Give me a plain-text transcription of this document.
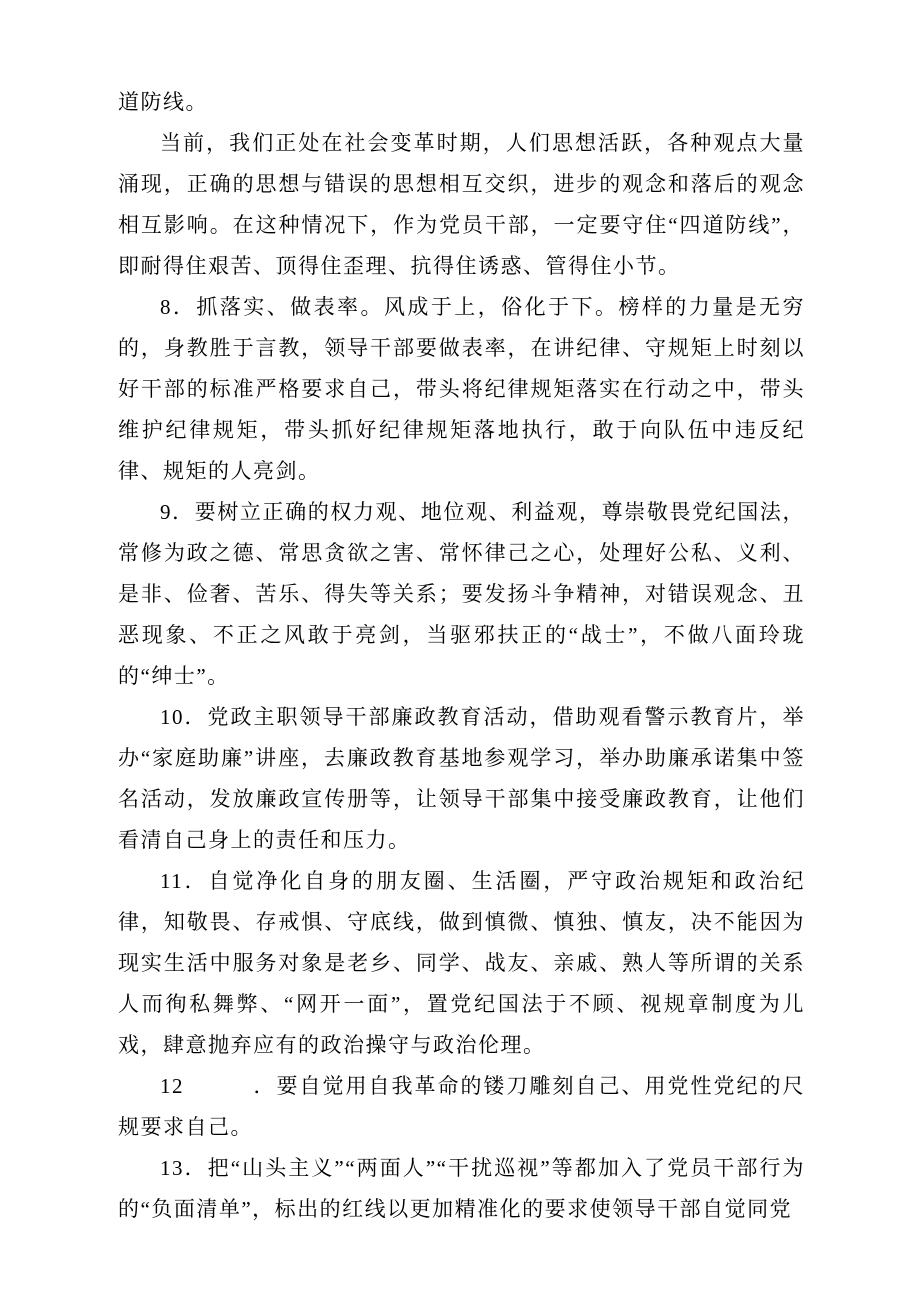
道防线。

当前，我们正处在社会变革时期，人们思想活跃，各种观点大量涌现，正确的思想与错误的思想相互交织，进步的观念和落后的观念相互影响。在这种情况下，作为党员干部，一定要守住“四道防线”，即耐得住艰苦、顶得住歪理、抗得住诱惑、管得住小节。

8．抓落实、做表率。风成于上，俗化于下。榜样的力量是无穷的，身教胜于言教，领导干部要做表率，在讲纪律、守规矩上时刻以好干部的标准严格要求自己，带头将纪律规矩落实在行动之中，带头维护纪律规矩，带头抓好纪律规矩落地执行，敢于向队伍中违反纪律、规矩的人亮剑。

9．要树立正确的权力观、地位观、利益观，尊崇敬畏党纪国法，常修为政之德、常思贪欲之害、常怀律己之心，处理好公私、义利、是非、俭奢、苦乐、得失等关系；要发扬斗争精神，对错误观念、丑恶现象、不正之风敢于亮剑，当驱邪扶正的“战士”，不做八面玲珑的“绅士”。

10．党政主职领导干部廉政教育活动，借助观看警示教育片，举办“家庭助廉”讲座，去廉政教育基地参观学习，举办助廉承诺集中签名活动，发放廉政宣传册等，让领导干部集中接受廉政教育，让他们看清自己身上的责任和压力。

11．自觉净化自身的朋友圈、生活圈，严守政治规矩和政治纪律，知敬畏、存戒惧、守底线，做到慎微、慎独、慎友，决不能因为现实生活中服务对象是老乡、同学、战友、亲戚、熟人等所谓的关系人而徇私舞弊、“网开一面”，置党纪国法于不顾、视规章制度为儿戏，肆意抛弃应有的政治操守与政治伦理。

12　　　．要自觉用自我革命的镂刀雕刻自己、用党性党纪的尺规要求自己。

13．把“山头主义”“两面人”“干扰巡视”等都加入了党员干部行为的“负面清单”，标出的红线以更加精准化的要求使领导干部自觉同党
